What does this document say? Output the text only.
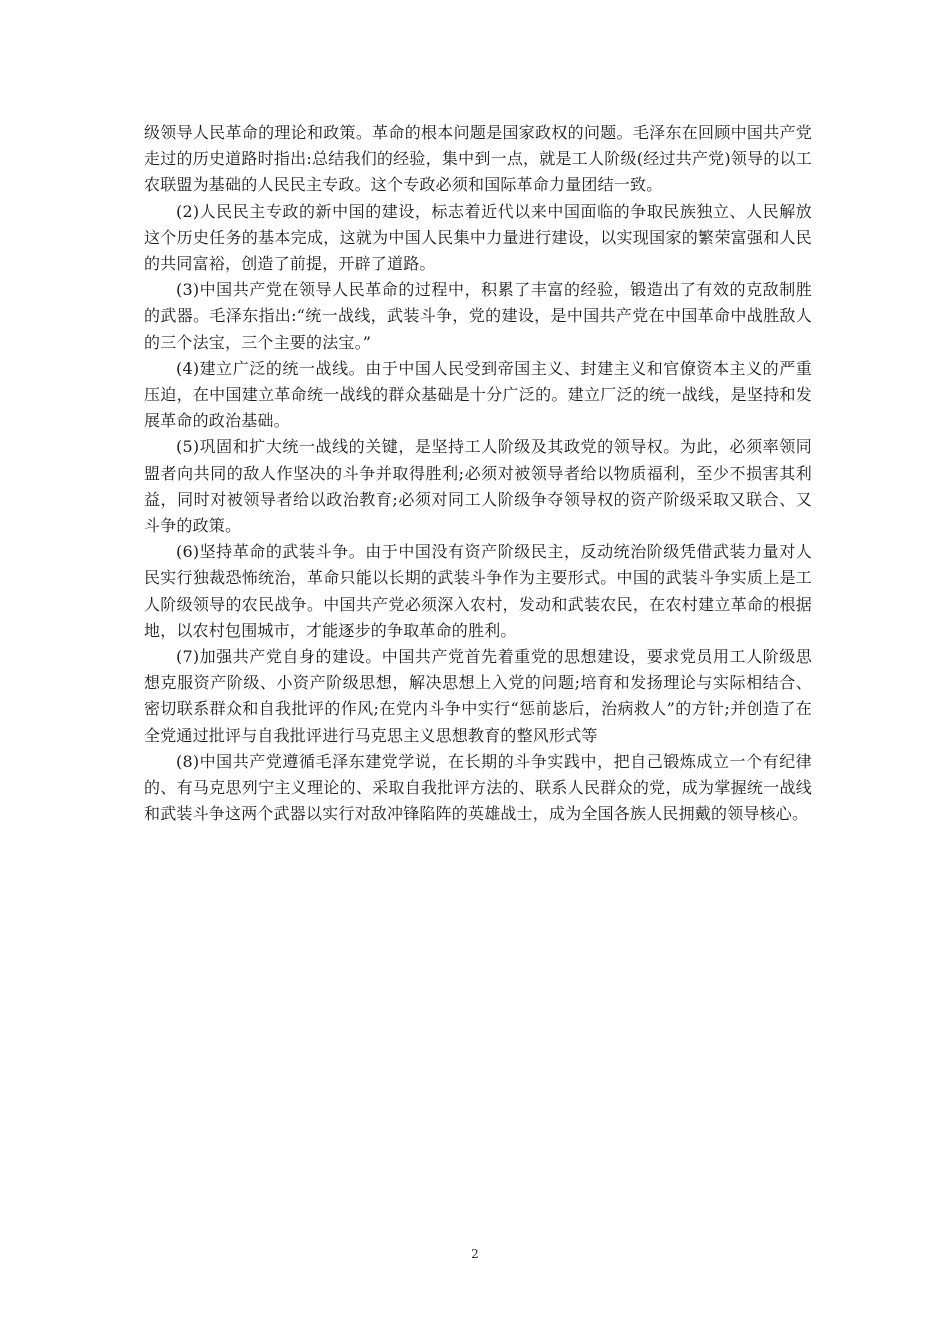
级领导人民革命的理论和政策。革命的根本问题是国家政权的问题。毛泽东在回顾中国共产党走过的历史道路时指出:总结我们的经验，集中到一点，就是工人阶级(经过共产党)领导的以工农联盟为基础的人民民主专政。这个专政必须和国际革命力量团结一致。

(2)人民民主专政的新中国的建设，标志着近代以来中国面临的争取民族独立、人民解放这个历史任务的基本完成，这就为中国人民集中力量进行建设，以实现国家的繁荣富强和人民的共同富裕，创造了前提，开辟了道路。

(3)中国共产党在领导人民革命的过程中，积累了丰富的经验，锻造出了有效的克敌制胜的武器。毛泽东指出:“统一战线，武装斗争，党的建设，是中国共产党在中国革命中战胜敌人的三个法宝，三个主要的法宝。”

(4)建立广泛的统一战线。由于中国人民受到帝国主义、封建主义和官僚资本主义的严重压迫，在中国建立革命统一战线的群众基础是十分广泛的。建立厂泛的统一战线，是坚持和发展革命的政治基础。

(5)巩固和扩大统一战线的关键，是坚持工人阶级及其政党的领导权。为此，必须率领同盟者向共同的敌人作坚决的斗争并取得胜利;必须对被领导者给以物质福利，至少不损害其利益，同时对被领导者给以政治教育;必须对同工人阶级争夺领导权的资产阶级采取又联合、又斗争的政策。

(6)坚持革命的武装斗争。由于中国没有资产阶级民主，反动统治阶级凭借武装力量对人民实行独裁恐怖统治，革命只能以长期的武装斗争作为主要形式。中国的武装斗争实质上是工人阶级领导的农民战争。中国共产党必须深入农村，发动和武装农民，在农村建立革命的根据地，以农村包围城市，才能逐步的争取革命的胜利。

(7)加强共产党自身的建设。中国共产党首先着重党的思想建设，要求党员用工人阶级思想克服资产阶级、小资产阶级思想，解决思想上入党的问题;培育和发扬理论与实际相结合、密切联系群众和自我批评的作风;在党内斗争中实行“惩前毖后，治病救人”的方针;并创造了在全党通过批评与自我批评进行马克思主义思想教育的整风形式等

(8)中国共产党遵循毛泽东建党学说，在长期的斗争实践中，把自己锻炼成立一个有纪律的、有马克思列宁主义理论的、采取自我批评方法的、联系人民群众的党，成为掌握统一战线和武装斗争这两个武器以实行对敌冲锋陷阵的英雄战士，成为全国各族人民拥戴的领导核心。

2
